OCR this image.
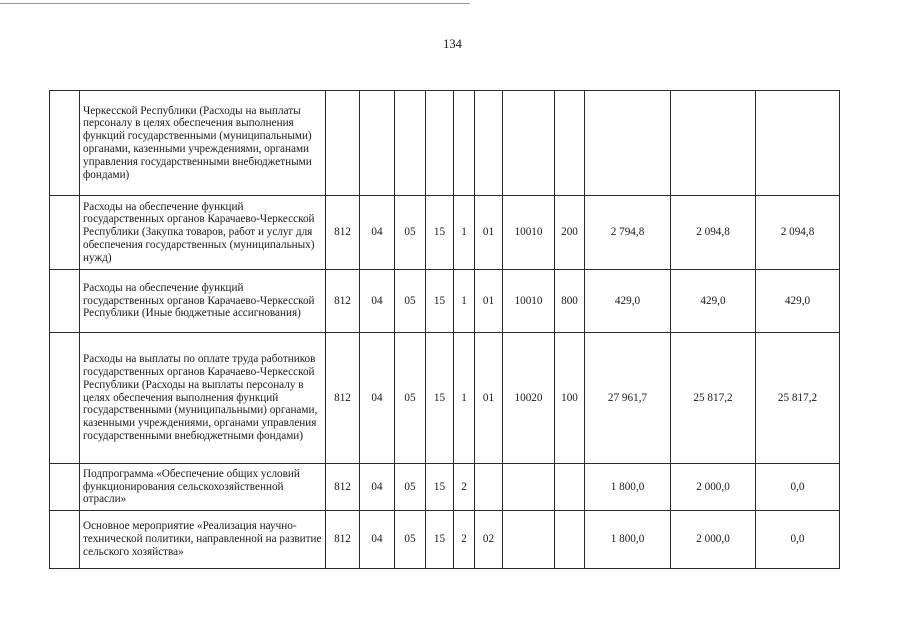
134
	Черкесской Республики (Расходы на выплаты персоналу в целях обеспечения выполнения функций государственными (муниципальными) органами, казенными учреждениями, органами управления государственными внебюджетными фондами)											
	Расходы на обеспечение функций государственных органов Карачаево-Черкесской Республики (Закупка товаров, работ и услуг для обеспечения государственных (муниципальных) нужд)	812	04	05	15	1	01	10010	200	2 794,8	2 094,8	2 094,8
	Расходы на обеспечение функций государственных органов Карачаево-Черкесской Республики (Иные бюджетные ассигнования)	812	04	05	15	1	01	10010	800	429,0	429,0	429,0
	Расходы на выплаты по оплате труда работников государственных органов Карачаево-Черкесской Республики (Расходы на выплаты персоналу в целях обеспечения выполнения функций государственными (муниципальными) органами, казенными учреждениями, органами управления государственными внебюджетными фондами)	812	04	05	15	1	01	10020	100	27 961,7	25 817,2	25 817,2
	Подпрограмма «Обеспечение общих условий функционирования сельскохозяйственной отрасли»	812	04	05	15	2				1 800,0	2 000,0	0,0
	Основное мероприятие «Реализация научно-технической политики, направленной на развитие сельского хозяйства»	812	04	05	15	2	02			1 800,0	2 000,0	0,0
